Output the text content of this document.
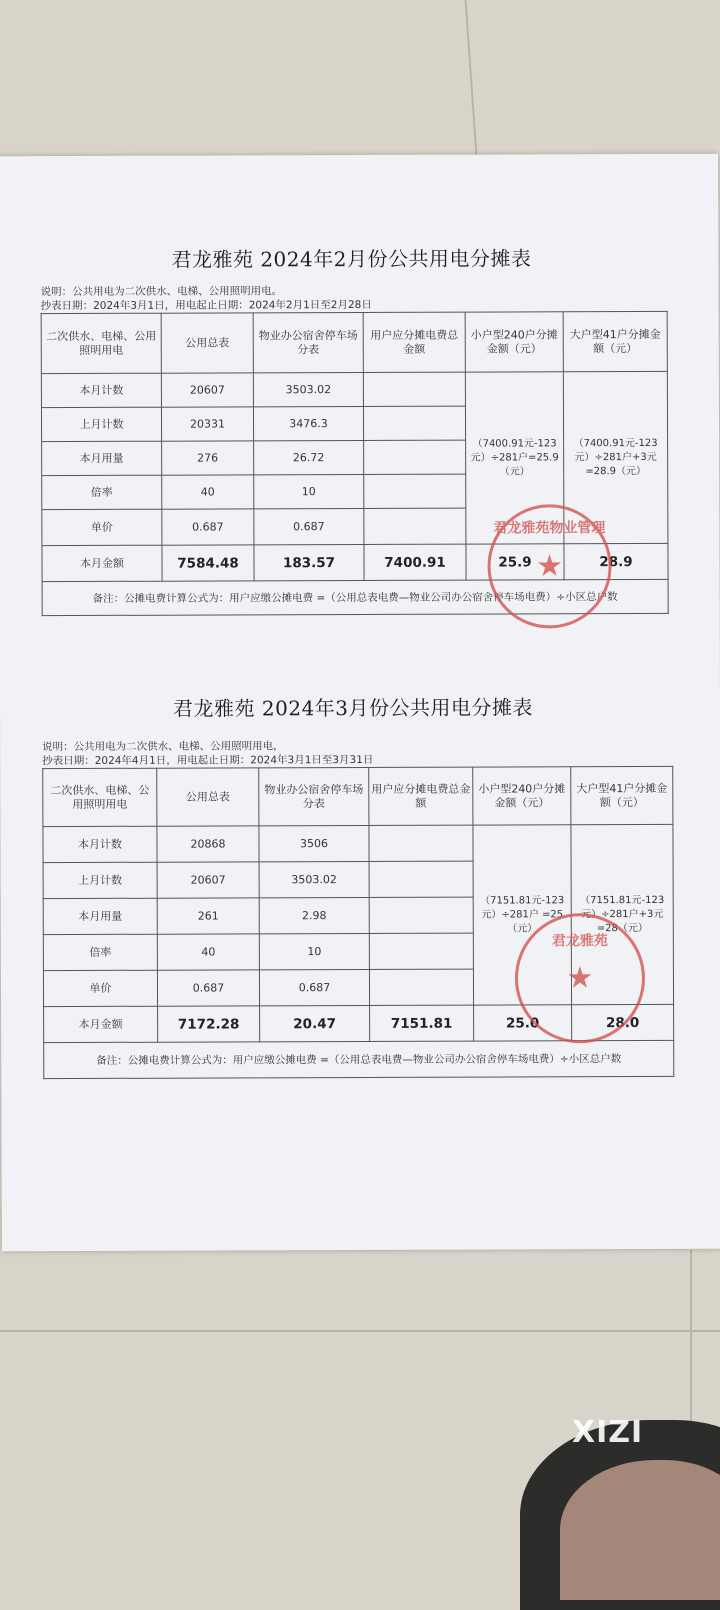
君龙雅苑 2024年2月份公共用电分摊表
说明：公共用电为二次供水、电梯、公用照明用电。
抄表日期：2024年3月1日，用电起止日期：2024年2月1日至2月28日
二次供水、电梯、公用照明用电	公用总表	物业办公宿舍停车场分表	用户应分摊电费总金额	小户型240户分摊金额（元）	大户型41户分摊金额（元）
本月计数	20607	3503.02		（7400.91元-123元）÷281户=25.9（元）	（7400.91元-123元）÷281户+3元=28.9（元）
上月计数	20331	3476.3			
本月用量	276	26.72			
倍率	40	10			
单价	0.687	0.687			
本月金额	7584.48	183.57	7400.91	25.9	28.9
备注：公摊电费计算公式为：用户应缴公摊电费 =（公用总表电费—物业公司办公宿舍停车场电费）÷小区总户数					
君龙雅苑物业管理
★
君龙雅苑 2024年3月份公共用电分摊表
说明：公共用电为二次供水、电梯、公用照明用电，
抄表日期：2024年4月1日，用电起止日期：2024年3月1日至3月31日
二次供水、电梯、公用照明用电	公用总表	物业办公宿舍停车场分表	用户应分摊电费总金额	小户型240户分摊金额（元）	大户型41户分摊金额（元）
本月计数	20868	3506		（7151.81元-123元）÷281户 =25（元）	（7151.81元-123元）÷281户+3元=28（元）
上月计数	20607	3503.02			
本月用量	261	2.98			
倍率	40	10			
单价	0.687	0.687			
本月金额	7172.28	20.47	7151.81	25.0	28.0
备注：公摊电费计算公式为：用户应缴公摊电费 =（公用总表电费—物业公司办公宿舍停车场电费）÷小区总户数					
君龙雅苑
★
XIZI
